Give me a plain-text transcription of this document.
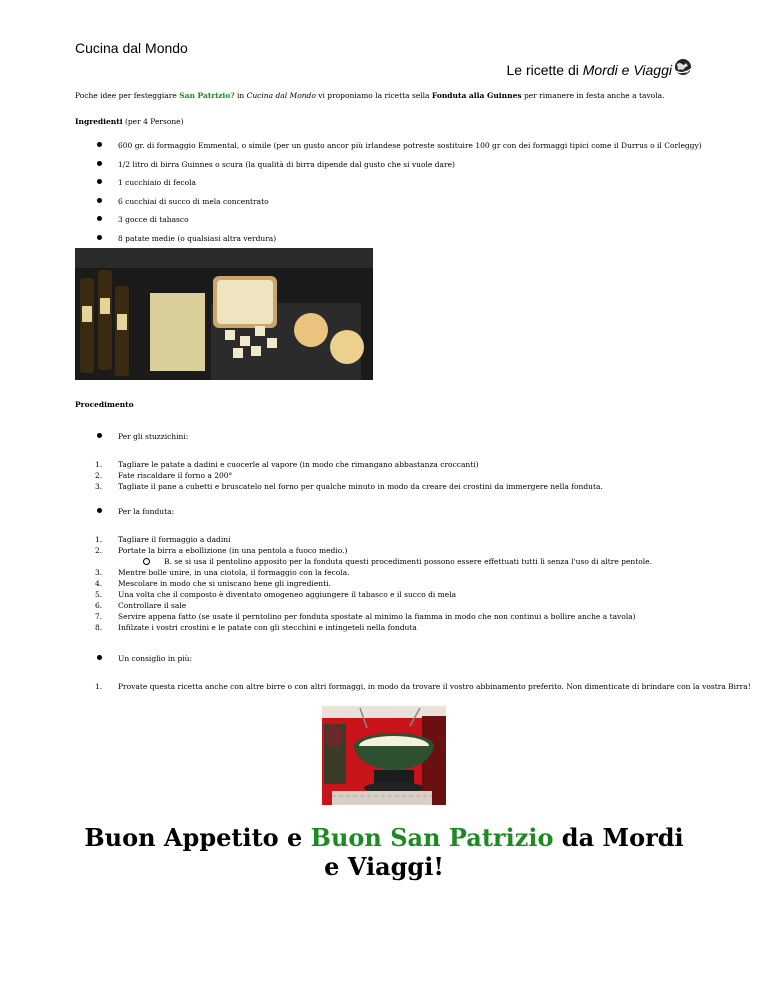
Cucina dal Mondo
Le ricette di Mordi e Viaggi
Poche idee per festeggiare San Patrizio? in Cucina dal Mondo vi proponiamo la ricetta sella Fonduta alla Guinnes per rimanere in festa anche a tavola.
Ingredienti (per 4 Persone)
600 gr. di formaggio Emmental, o simile (per un gusto ancor più irlandese potreste sostituire 100 gr con dei formaggi tipici come il Durrus o il Corleggy)
1/2 litro di birra Guinnes o scura (la qualità di birra dipende dal gusto che si vuole dare)
1 cucchiaio di fecola
6 cucchiai di succo di mela concentrato
3 gocce di tabasco
8 patate medie (o qualsiasi altra verdura)
Procedimento
Per gli stuzzichini:
1. Tagliare le patate a dadini e cuocerle al vapore (in modo che rimangano abbastanza croccanti)
2. Fate riscaldare il forno a 200°
3. Tagliate il pane a cubetti e bruscatelo nel forno per qualche minuto in modo da creare dei crostini da immergere nella fonduta.
Per la fonduta:
1. Tagliare il formaggio a dadini
2. Portate la birra a ebollizione (in una pentola a fuoco medio.)
B. se si usa il pentolino apposito per la fonduta questi procedimenti possono essere effettuati tutti lì senza l'uso di altre pentole.
3. Mentre bolle unire, in una ciotola, il formaggio con la fecola.
4. Mescolare in modo che si uniscano bene gli ingredienti.
5. Una volta che il composto è diventato omogeneo aggiungere il tabasco e il succo di mela
6. Controllare il sale
7. Servire appena fatto (se usate il perntolino per fonduta spostate al minimo la fiamma in modo che non continui a bollire anche a tavola)
8. Infilzate i vostri crostini e le patate con gli stecchini e intingeteli nella fonduta
Un consiglio in più:
1. Provate questa ricetta anche con altre birre o con altri formaggi, in modo da trovare il vostro abbinamento preferito. Non dimenticate di brindare con la vostra Birra!
Buon Appetito e Buon San Patrizio da Mordi e Viaggi!
